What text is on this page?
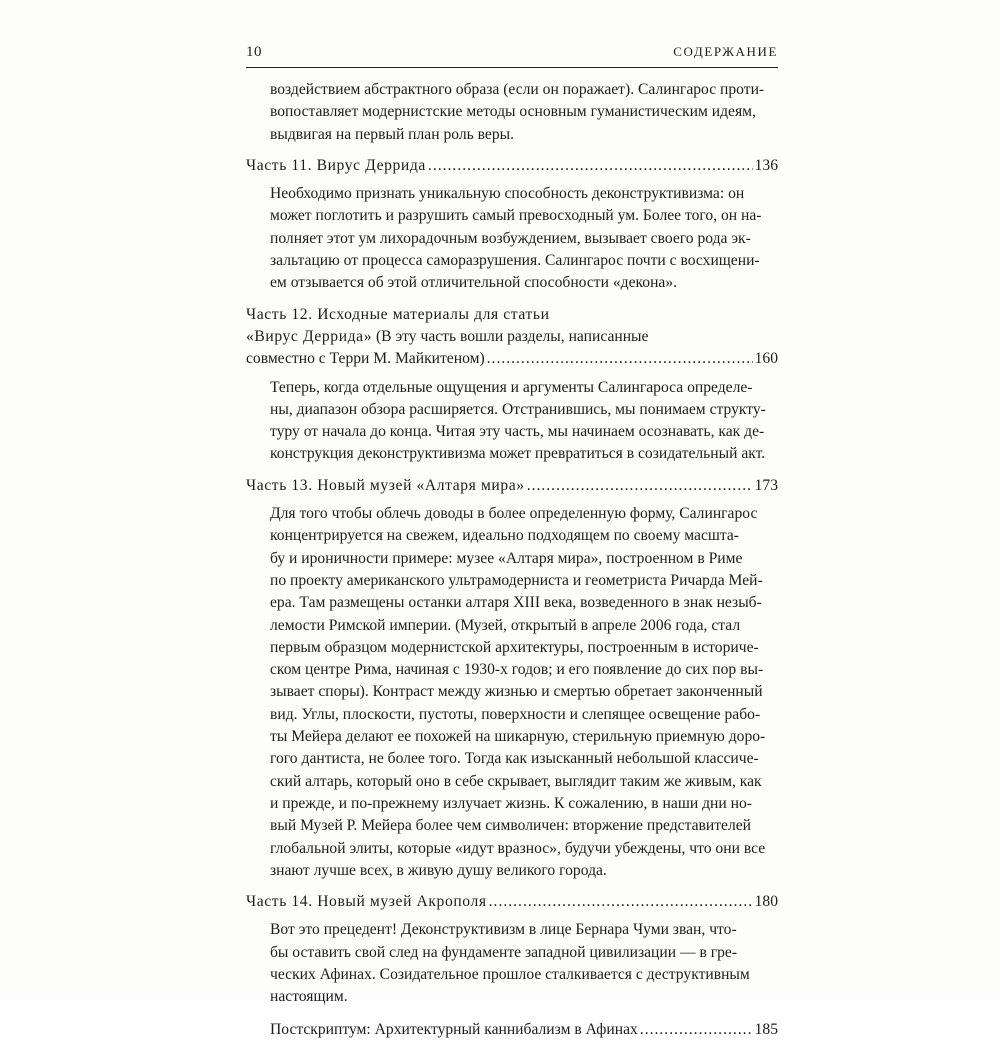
10	СОДЕРЖАНИЕ

воздействием абстрактного образа (если он поражает). Салингарос проти-
вопоставляет модернистские методы основным гуманистическим идеям,
выдвигая на первый план роль веры.

Часть 11. Вирус Деррида .....	136

Необходимо признать уникальную способность деконструктивизма: он
может поглотить и разрушить самый превосходный ум. Более того, он на-
полняет этот ум лихорадочным возбуждением, вызывает своего рода эк-
зальтацию от процесса саморазрушения. Салингарос почти с восхищени-
ем отзывается об этой отличительной способности «декона».

Часть 12. Исходные материалы для статьи
«Вирус Деррида» (В эту часть вошли разделы, написанные
совместно с Терри М. Майкитеном) .....	160

Теперь, когда отдельные ощущения и аргументы Салингароса определе-
ны, диапазон обзора расширяется. Отстранившись, мы понимаем структу-
туру от начала до конца. Читая эту часть, мы начинаем осознавать, как де-
конструкция деконструктивизма может превратиться в созидательный акт.

Часть 13. Новый музей «Алтаря мира» .....	173

Для того чтобы облечь доводы в более определенную форму, Салингарос
концентрируется на свежем, идеально подходящем по своему масшта-
бу и ироничности примере: музее «Алтаря мира», построенном в Риме
по проекту американского ультрамодерниста и геометриста Ричарда Мей-
ера. Там размещены останки алтаря XIII века, возведенного в знак незыб-
лемости Римской империи. (Музей, открытый в апреле 2006 года, стал
первым образцом модернистской архитектуры, построенным в историче-
ском центре Рима, начиная с 1930-х годов; и его появление до сих пор вы-
зывает споры). Контраст между жизнью и смертью обретает законченный
вид. Углы, плоскости, пустоты, поверхности и слепящее освещение рабо-
ты Мейера делают ее похожей на шикарную, стерильную приемную доро-
гого дантиста, не более того. Тогда как изысканный небольшой классиче-
ский алтарь, который оно в себе скрывает, выглядит таким же живым, как
и прежде, и по-прежнему излучает жизнь. К сожалению, в наши дни но-
вый Музей Р. Мейера более чем символичен: вторжение представителей
глобальной элиты, которые «идут вразнос», будучи убеждены, что они все
знают лучше всех, в живую душу великого города.

Часть 14. Новый музей Акрополя .....	180

Вот это прецедент! Деконструктивизм в лице Бернара Чуми зван, что-
бы оставить свой след на фундаменте западной цивилизации — в гре-
ческих Афинах. Созидательное прошлое сталкивается с деструктивным
настоящим.

Постскриптум: Архитектурный каннибализм в Афинах .....	185
